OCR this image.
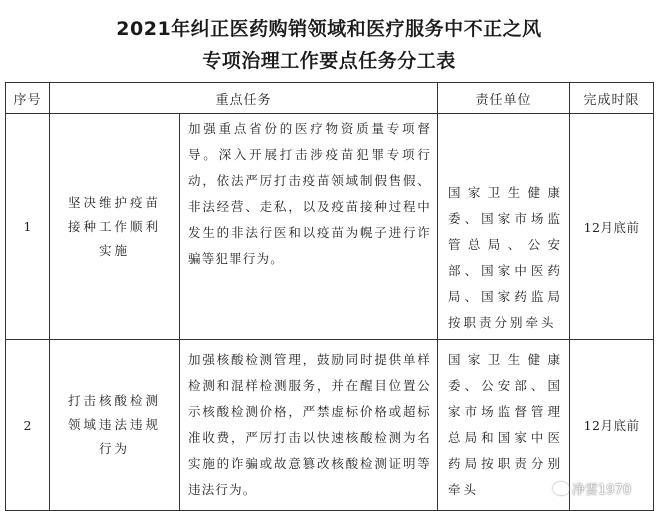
2021年纠正医药购销领域和医疗服务中不正之风
专项治理工作要点任务分工表
序号	重点任务		责任单位	完成时限
1	坚决维护疫苗接种工作顺利实施	加强重点省份的医疗物资质量专项督导。深入开展打击涉疫苗犯罪专项行动，依法严厉打击疫苗领域制假售假、非法经营、走私，以及疫苗接种过程中发生的非法行医和以疫苗为幌子进行诈骗等犯罪行为。	国家卫生健康委、国家市场监管总局、公安部、国家中医药局、国家药监局按职责分别牵头	12月底前
2	打击核酸检测领域违法违规行为	加强核酸检测管理，鼓励同时提供单样检测和混样检测服务，并在醒目位置公示核酸检测价格，严禁虚标价格或超标准收费，严厉打击以快速核酸检测为名实施的诈骗或故意篡改核酸检测证明等违法行为。	国家卫生健康委、公安部、国家市场监督管理总局和国家中医药局按职责分别牵头	12月底前
净雲1970
